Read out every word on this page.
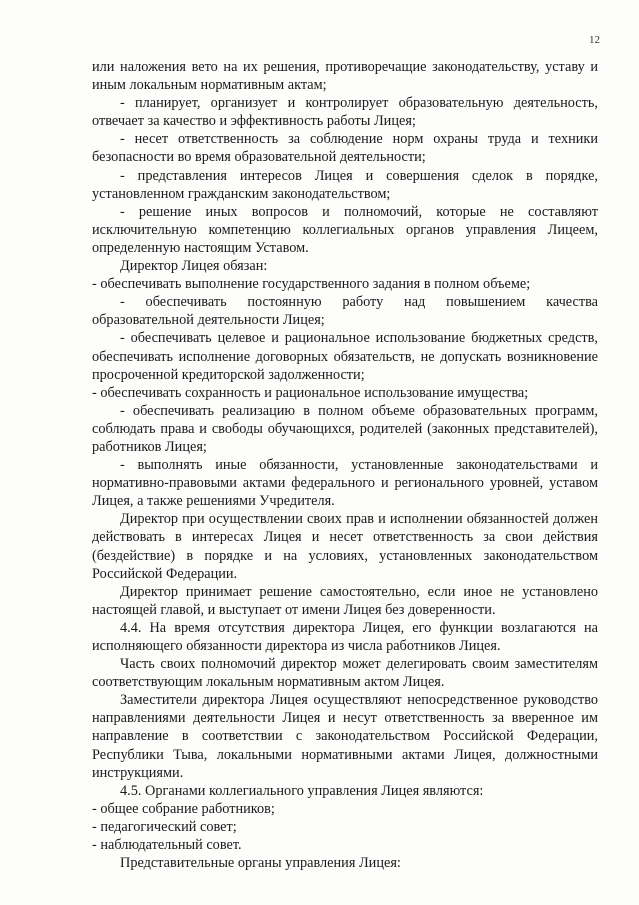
12

или наложения вето на их решения, противоречащие законодательству, уставу и иным локальным нормативным актам;

- планирует, организует и контролирует образовательную деятельность, отвечает за качество и эффективность работы Лицея;

- несет ответственность за соблюдение норм охраны труда и техники безопасности во время образовательной деятельности;

- представления интересов Лицея и совершения сделок в порядке, установленном гражданским законодательством;

- решение иных вопросов и полномочий, которые не составляют исключительную компетенцию коллегиальных органов управления Лицеем, определенную настоящим Уставом.

Директор Лицея обязан:

- обеспечивать выполнение государственного задания в полном объеме;

- обеспечивать постоянную работу над повышением качества образовательной деятельности Лицея;

- обеспечивать целевое и рациональное использование бюджетных средств, обеспечивать исполнение договорных обязательств, не допускать возникновение просроченной кредиторской задолженности;

- обеспечивать сохранность и рациональное использование имущества;

- обеспечивать реализацию в полном объеме образовательных программ, соблюдать права и свободы обучающихся, родителей (законных представителей), работников Лицея;

- выполнять иные обязанности, установленные законодательствами и нормативно-правовыми актами федерального и регионального уровней, уставом Лицея, а также решениями Учредителя.

Директор при осуществлении своих прав и исполнении обязанностей должен действовать в интересах Лицея и несет ответственность за свои действия (бездействие) в порядке и на условиях, установленных законодательством Российской Федерации.

Директор принимает решение самостоятельно, если иное не установлено настоящей главой, и выступает от имени Лицея без доверенности.

4.4. На время отсутствия директора Лицея, его функции возлагаются на исполняющего обязанности директора из числа работников Лицея.

Часть своих полномочий директор может делегировать своим заместителям соответствующим локальным нормативным актом Лицея.

Заместители директора Лицея осуществляют непосредственное руководство направлениями деятельности Лицея и несут ответственность за вверенное им направление в соответствии с законодательством Российской Федерации, Республики Тыва, локальными нормативными актами Лицея, должностными инструкциями.

4.5. Органами коллегиального управления Лицея являются:

- общее собрание работников;

- педагогический совет;

- наблюдательный совет.

Представительные органы управления Лицея:
